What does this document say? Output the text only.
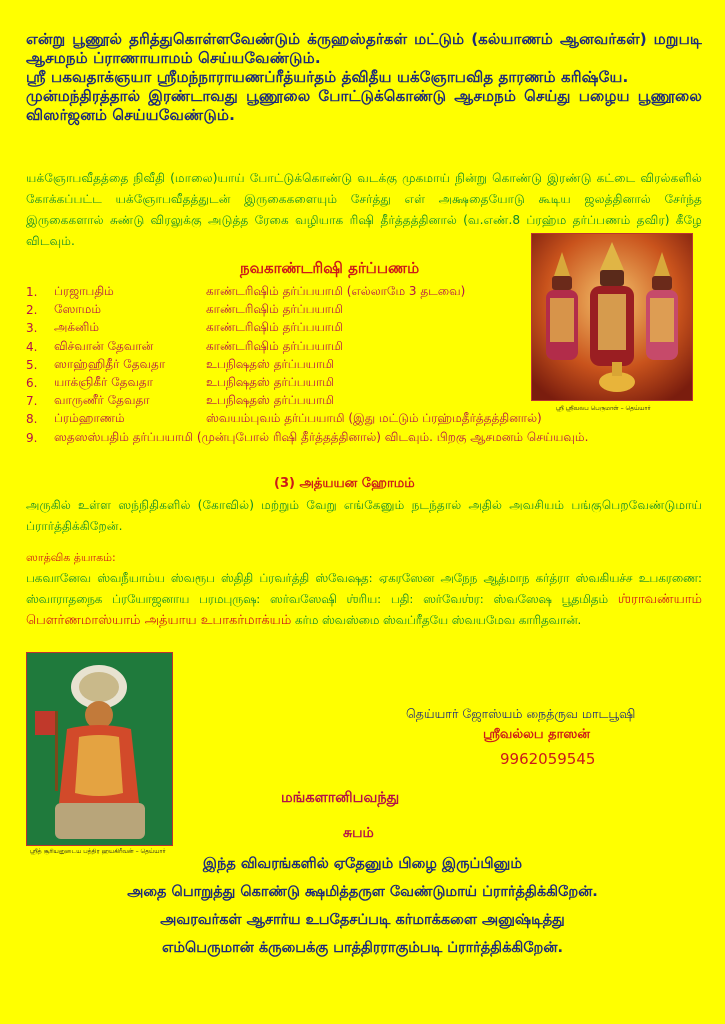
என்று பூணூல் தரித்துகொள்ளவேண்டும் க்ருஹஸ்தர்கள் மட்டும் (கல்யாணம் ஆனவர்கள்) மறுபடி ஆசமநம் ப்ராணாயாமம் செய்யவேண்டும்.

ஸ்ரீ பகவதாக்ஞயா ஸ்ரீமந்நாராயணப்ரீத்யர்தம் த்விதீய யக்ஞோபவித தாரணம் கரிஷ்யே.

முன்மந்திரத்தால் இரண்டாவது பூணூலை போட்டுக்கொண்டு ஆசமநம் செய்து பழைய பூணூலை விஸர்ஜனம் செய்யவேண்டும்.

யக்ஞோபவீதத்தை நிவீதி (மாலை)யாய் போட்டுக்கொண்டு வடக்கு முகமாய் நின்று கொண்டு இரண்டு கட்டை விரல்களில் கோக்கப்பட்ட யக்ஞோபவீதத்துடன் இருகைகளையும் சேர்த்து எள் அக்ஷதையோடு கூடிய ஜலத்தினால் சேர்ந்த இருகைகளால் சுண்டு விரலுக்கு அடுத்த ரேகை வழியாக ரிஷி தீர்த்தத்தினால் (வ.எண்.8 ப்ரஹ்ம தர்ப்பணம் தவிர) கீழே விடவும்.

நவகாண்டரிஷி தர்ப்பணம்
1.	ப்ரஜாபதிம்	காண்டரிஷிம் தர்ப்பயாமி (எல்லாமே 3 தடவை)
2.	ஸோமம்	காண்டரிஷிம் தர்ப்பயாமி
3.	அக்னிம்	காண்டரிஷிம் தர்ப்பயாமி
4.	விச்வான் தேவான்	காண்டரிஷிம் தர்ப்பயாமி
5.	ஸாஹ்ஹிதீர் தேவதா	உபநிஷதஸ் தர்ப்பயாமி
6.	யாக்ஞிகீர் தேவதா	உபநிஷதஸ் தர்ப்பயாமி
7.	வாருணீர் தேவதா	உபநிஷதஸ் தர்ப்பயாமி
8.	ப்ரம்ஹாணம்	ஸ்வயம்புவம் தர்ப்பயாமி (இது மட்டும் ப்ரஹ்மதீர்த்தத்தினால்)
9.	ஸதஸஸ்பதிம் தர்ப்பயாமி (முன்புபோல் ரிஷி தீர்த்தத்தினால்) விடவும். பிறகு ஆசமனம் செய்யவும்.
ஸ்ரீ ஸ்ரீவலப பெருமாள் – தெய்யார்
(3) அத்யயன ஹோமம்

அருகில் உள்ள ஸந்நிதிகளில் (கோவில்) மற்றும் வேறு எங்கேனும் நடந்தால் அதில் அவசியம் பங்குபெறவேண்டுமாய் ப்ரார்த்திக்கிறேன்.

ஸாத்விக த்யாகம்:

பகவானேவ ஸ்வநீயாம்ய ஸ்வரூப ஸ்திதி ப்ரவர்த்தி ஸ்வேஷத: ஏகரஸேன அநேந ஆத்மாந கர்த்ரா ஸ்வகியச்ச உபகரணை: ஸ்வாராதநைக ப்ரயோஜனாய பரமபுருஷ: ஸர்வஸேஷி ஶ்ரிய: பதி: ஸர்வேஶ்ர: ஸ்வஸேஷ பூதமிதம் ஶ்ராவண்யாம் பௌர்ணமாஸ்யாம் அத்யாய உபாகர்மாக்யம் கர்ம ஸ்வஸ்மை ஸ்வப்ரீதயே ஸ்வயமேவ காரிதவான்.

ஸ்ரீத் சூரியனுடைய பத்திர ஹயகிரீவன் – தெய்யார்
தெய்யார் ஜோஸ்யம் நைத்ருவ மாடபூஷி
ஸ்ரீவல்லப தாஸன்
9962059545
மங்களானிபவந்து
சுபம்

இந்த விவரங்களில் ஏதேனும் பிழை இருப்பினும்

அதை பொறுத்து கொண்டு க்ஷமித்தருள வேண்டுமாய் ப்ரார்த்திக்கிறேன்.

அவரவர்கள் ஆசார்ய உபதேசப்படி கர்மாக்களை அனுஷ்டித்து

எம்பெருமான் க்ருபைக்கு பாத்திரராகும்படி ப்ரார்த்திக்கிறேன்.
